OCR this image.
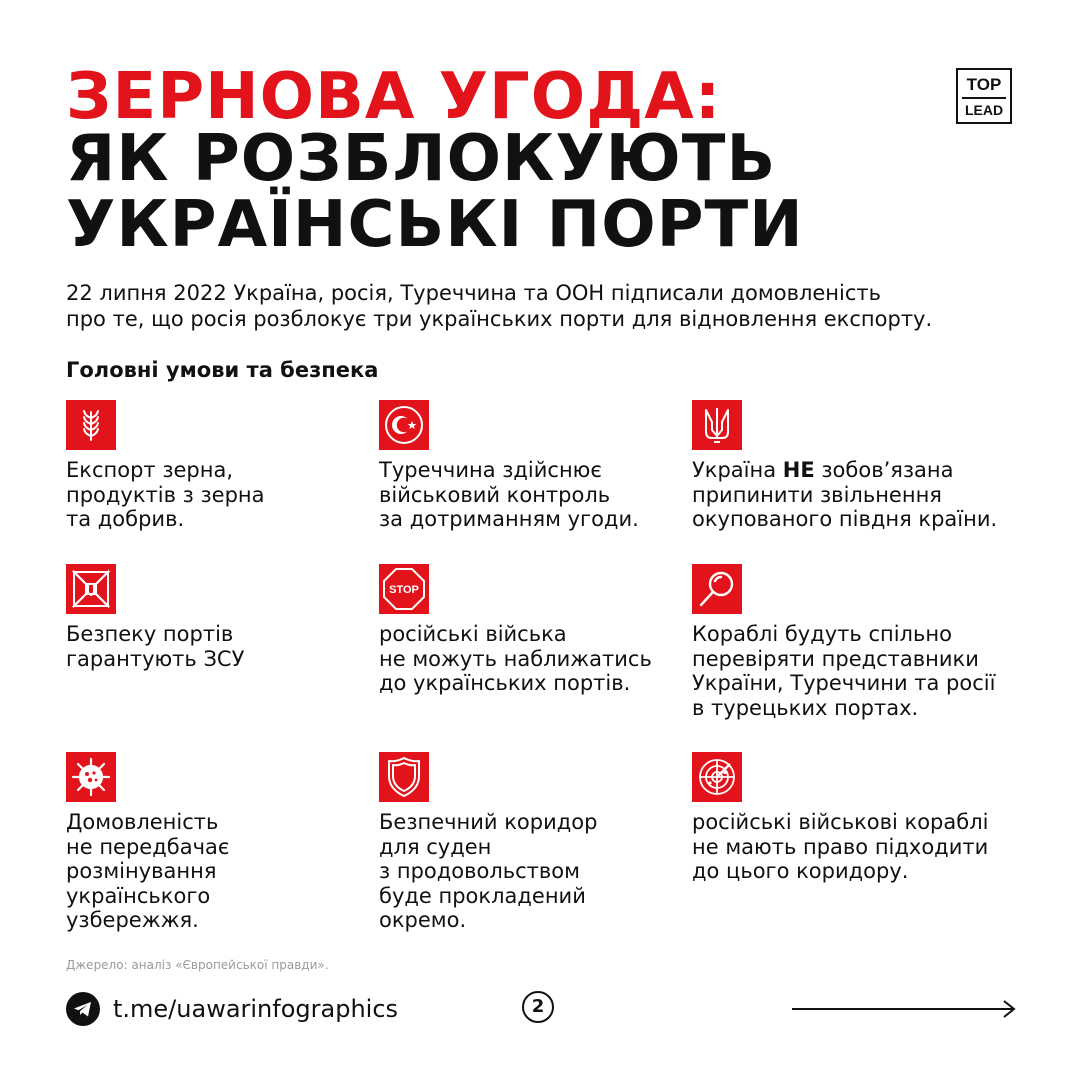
ЗЕРНОВА УГОДА:
ЯК РОЗБЛОКУЮТЬ
УКРАЇНСЬКІ ПОРТИ
TOP
LEAD
22 липня 2022 Україна, росія, Туреччина та ООН підписали домовленість
про те, що росія розблокує три українських порти для відновлення експорту.
Головні умови та безпека
Експорт зерна,
продуктів з зерна
та добрив.
Туреччина здійснює
військовий контроль
за дотриманням угоди.
Україна НЕ зобов’язана
припинити звільнення
окупованого півдня країни.
Безпеку портів
гарантують ЗСУ
STOP
російські війська
не можуть наближатись
до українських портів.
Кораблі будуть спільно
перевіряти представники
України, Туреччини та росії
в турецьких портах.
Домовленість
не передбачає
розмінування
українського
узбережжя.
Безпечний коридор
для суден
з продовольством
буде прокладений
окремо.
російські військові кораблі
не мають право підходити
до цього коридору.
Джерело: аналіз «Європейської правди».
t.me/uawarinfographics	2
